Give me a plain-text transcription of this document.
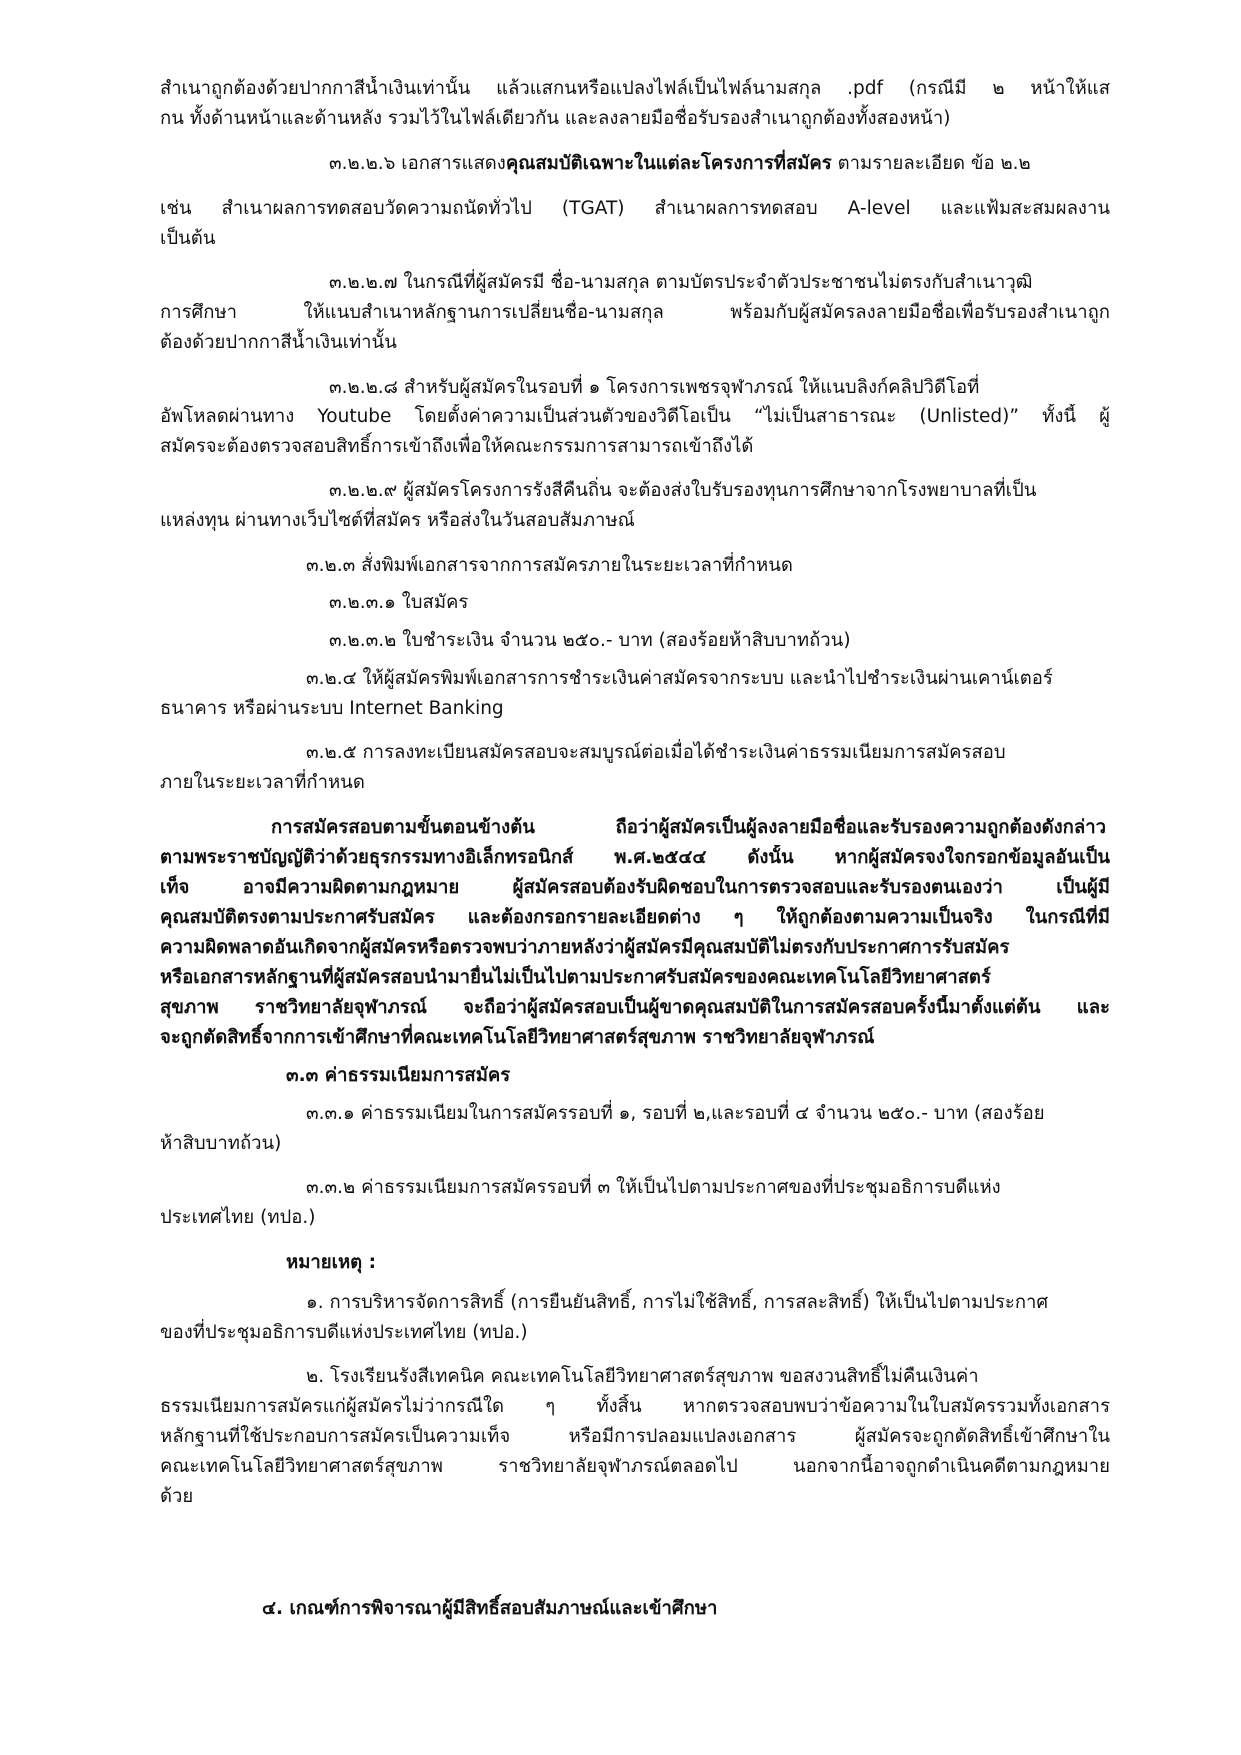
สำเนาถูกต้องด้วยปากกาสีน้ำเงินเท่านั้น แล้วแสกนหรือแปลงไฟล์เป็นไฟล์นามสกุล .pdf (กรณีมี ๒ หน้าให้แส
กน ทั้งด้านหน้าและด้านหลัง รวมไว้ในไฟล์เดียวกัน และลงลายมือชื่อรับรองสำเนาถูกต้องทั้งสองหน้า)
๓.๒.๒.๖ เอกสารแสดงคุณสมบัติเฉพาะในแต่ละโครงการที่สมัคร ตามรายละเอียด ข้อ ๒.๒
เช่น สำเนาผลการทดสอบวัดความถนัดทั่วไป (TGAT) สำเนาผลการทดสอบ A-level และแฟ้มสะสมผลงาน
เป็นต้น
๓.๒.๒.๗ ในกรณีที่ผู้สมัครมี ชื่อ-นามสกุล ตามบัตรประจำตัวประชาชนไม่ตรงกับสำเนาวุฒิ
การศึกษา ให้แนบสำเนาหลักฐานการเปลี่ยนชื่อ-นามสกุล พร้อมกับผู้สมัครลงลายมือชื่อเพื่อรับรองสำเนาถูก
ต้องด้วยปากกาสีน้ำเงินเท่านั้น
๓.๒.๒.๘ สำหรับผู้สมัครในรอบที่ ๑ โครงการเพชรจุฬาภรณ์ ให้แนบลิงก์คลิปวิดีโอที่
อัพโหลดผ่านทาง Youtube โดยตั้งค่าความเป็นส่วนตัวของวิดีโอเป็น “ไม่เป็นสาธารณะ (Unlisted)” ทั้งนี้ ผู้
สมัครจะต้องตรวจสอบสิทธิ์การเข้าถึงเพื่อให้คณะกรรมการสามารถเข้าถึงได้
๓.๒.๒.๙ ผู้สมัครโครงการรังสีคืนถิ่น จะต้องส่งใบรับรองทุนการศึกษาจากโรงพยาบาลที่เป็น
แหล่งทุน ผ่านทางเว็บไซต์ที่สมัคร หรือส่งในวันสอบสัมภาษณ์
๓.๒.๓ สั่งพิมพ์เอกสารจากการสมัครภายในระยะเวลาที่กำหนด
๓.๒.๓.๑ ใบสมัคร
๓.๒.๓.๒ ใบชำระเงิน จำนวน ๒๕๐.- บาท (สองร้อยห้าสิบบาทถ้วน)
๓.๒.๔ ให้ผู้สมัครพิมพ์เอกสารการชำระเงินค่าสมัครจากระบบ และนำไปชำระเงินผ่านเคาน์เตอร์
ธนาคาร หรือผ่านระบบ Internet Banking
๓.๒.๕ การลงทะเบียนสมัครสอบจะสมบูรณ์ต่อเมื่อได้ชำระเงินค่าธรรมเนียมการสมัครสอบ
ภายในระยะเวลาที่กำหนด
การสมัครสอบตามขั้นตอนข้างต้น ถือว่าผู้สมัครเป็นผู้ลงลายมือชื่อและรับรองความถูกต้องดังกล่าว
ตามพระราชบัญญัติว่าด้วยธุรกรรมทางอิเล็กทรอนิกส์ พ.ศ.๒๕๔๔ ดังนั้น หากผู้สมัครจงใจกรอกข้อมูลอันเป็น
เท็จ อาจมีความผิดตามกฎหมาย ผู้สมัครสอบต้องรับผิดชอบในการตรวจสอบและรับรองตนเองว่า เป็นผู้มี
คุณสมบัติตรงตามประกาศรับสมัคร และต้องกรอกรายละเอียดต่าง ๆ ให้ถูกต้องตามความเป็นจริง ในกรณีที่มี
ความผิดพลาดอันเกิดจากผู้สมัครหรือตรวจพบว่าภายหลังว่าผู้สมัครมีคุณสมบัติไม่ตรงกับประกาศการรับสมัคร
หรือเอกสารหลักฐานที่ผู้สมัครสอบนำมายื่นไม่เป็นไปตามประกาศรับสมัครของคณะเทคโนโลยีวิทยาศาสตร์
สุขภาพ ราชวิทยาลัยจุฬาภรณ์ จะถือว่าผู้สมัครสอบเป็นผู้ขาดคุณสมบัติในการสมัครสอบครั้งนี้มาตั้งแต่ต้น และ
จะถูกตัดสิทธิ์จากการเข้าศึกษาที่คณะเทคโนโลยีวิทยาศาสตร์สุขภาพ ราชวิทยาลัยจุฬาภรณ์
๓.๓ ค่าธรรมเนียมการสมัคร
๓.๓.๑ ค่าธรรมเนียมในการสมัครรอบที่ ๑, รอบที่ ๒,และรอบที่ ๔ จำนวน ๒๕๐.- บาท (สองร้อย
ห้าสิบบาทถ้วน)
๓.๓.๒ ค่าธรรมเนียมการสมัครรอบที่ ๓ ให้เป็นไปตามประกาศของที่ประชุมอธิการบดีแห่ง
ประเทศไทย (ทปอ.)
หมายเหตุ :
๑. การบริหารจัดการสิทธิ์ (การยืนยันสิทธิ์, การไม่ใช้สิทธิ์, การสละสิทธิ์) ให้เป็นไปตามประกาศ
ของที่ประชุมอธิการบดีแห่งประเทศไทย (ทปอ.)
๒. โรงเรียนรังสีเทคนิค คณะเทคโนโลยีวิทยาศาสตร์สุขภาพ ขอสงวนสิทธิ์ไม่คืนเงินค่า
ธรรมเนียมการสมัครแก่ผู้สมัครไม่ว่ากรณีใด ๆ ทั้งสิ้น หากตรวจสอบพบว่าข้อความในใบสมัครรวมทั้งเอกสาร
หลักฐานที่ใช้ประกอบการสมัครเป็นความเท็จ หรือมีการปลอมแปลงเอกสาร ผู้สมัครจะถูกตัดสิทธิ์เข้าศึกษาใน
คณะเทคโนโลยีวิทยาศาสตร์สุขภาพ ราชวิทยาลัยจุฬาภรณ์ตลอดไป นอกจากนี้อาจถูกดำเนินคดีตามกฎหมาย
ด้วย
๔. เกณฑ์การพิจารณาผู้มีสิทธิ์สอบสัมภาษณ์และเข้าศึกษา
